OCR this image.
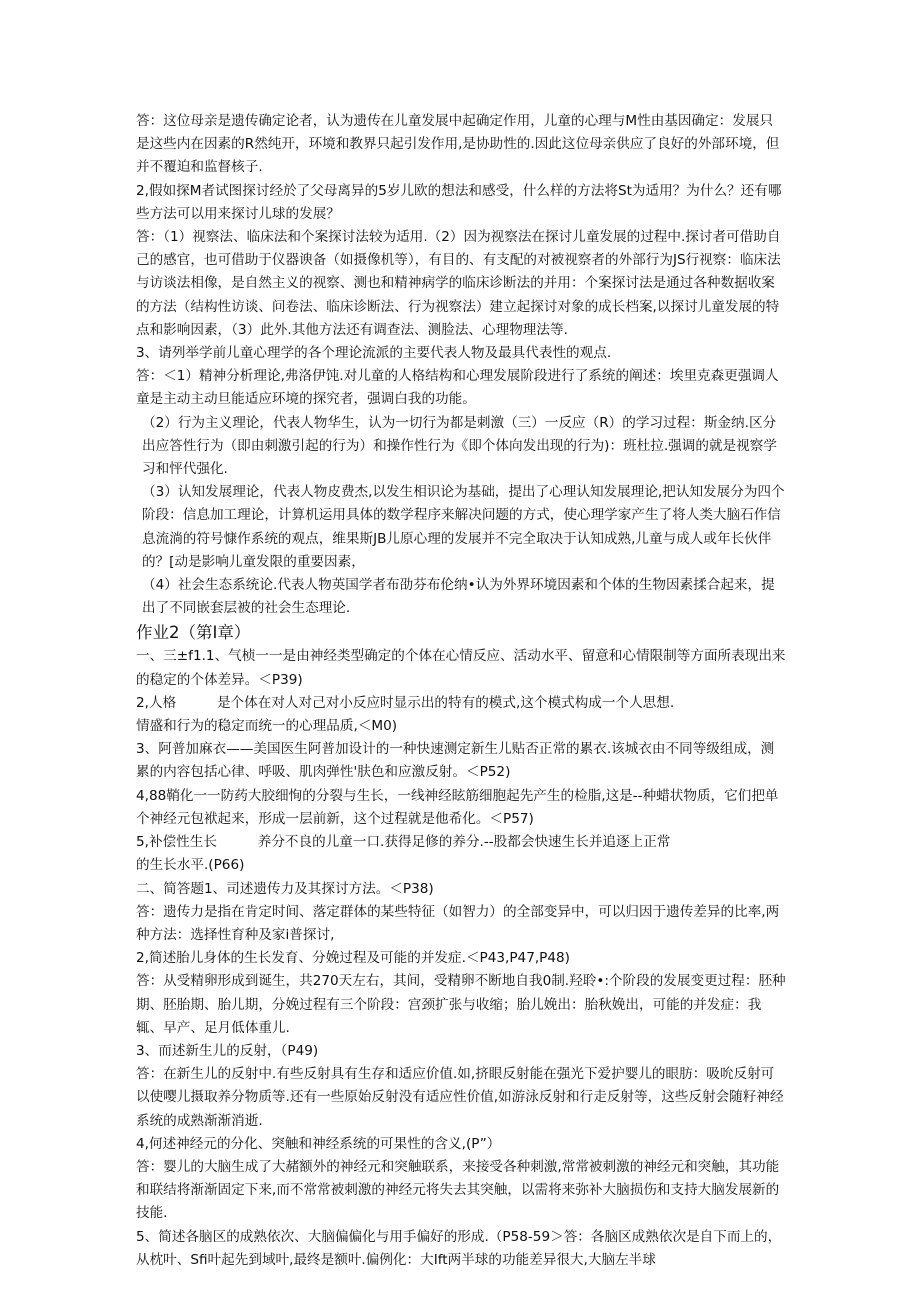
答：这位母亲是遗传确定论者，认为遗传在儿童发展中起确定作用，儿童的心理与M性由基因确定：发展只是这些内在因素的R然纯开，环境和教界只起引发作用,是协助性的.因此这位母亲供应了良好的外部环境，但并不覆迫和监督核子.

2,假如探M者试图探讨经於了父母离异的5岁儿欧的想法和感受，什么样的方法将St为适用？为什么？还有哪些方法可以用来探讨儿球的发展？

答：（1）视察法、临床法和个案探讨法较为适用.（2）因为视察法在探讨儿童发展的过程中.探讨者可借助自己的感官，也可借助于仪器谀备（如摄像机等），有目的、有支配的对被视察者的外部行为JS行视察：临床法与访谈法相像，是自然主义的视察、测也和精神病学的临床诊断法的并用：个案探讨法是通过各种数据收案的方法（结构性访谈、问卷法、临床诊断法、行为视察法）建立起探讨对象的成长档案,以探讨儿童发展的特点和影响因素，（3）此外.其他方法还有调查法、测脸法、心理物理法等.

3、请列举学前儿童心理学的各个理论流派的主要代表人物及最具代表性的观点.

答：＜1）精神分析理论,弗洛伊饨.对儿童的人格结构和心理发展阶段进行了系统的阐述：埃里克森更强调人童是主动主动旦能适应环境的探究者，强调白我的功能。

（2）行为主义理论，代表人物华生，认为一切行为都是刺激（三）一反应（R）的学习过程：斯金纳.区分出应答性行为（即由刺激引起的行为）和操作性行为《即个体向发出现的行为)：班杜拉.强调的就是视察学习和怦代强化.

（3）认知发展理论，代表人物皮费杰,以发生相识论为基础，提出了心理认知发展理论,把认知发展分为四个阶段：信息加工理论，计算机运用具体的数学程序来解决问题的方式，使心理学家产生了将人类大脑石作信息流淌的符号慷作系统的观点，维果斯JB儿原心理的发展并不完全取决于认知成熟,儿童与成人或年长伙伴的？[动是影响儿童发限的重要因素，

（4）社会生态系统论.代表人物英国学者布劭芬布伦纳•认为外界环境因素和个体的生物因素揉合起来，提出了不同嵌套层被的社会生态理论.

作业2（第I章）

一、三±f1.1、气桢一一是由神经类型确定的个体在心情反应、活动水平、留意和心情限制等方面所表现出来的稳定的个体差异。＜P39)

2,人格　　　是个体在对人对己对小反应时显示出的特有的模式,这个模式构成一个人思想.

情盛和行为的稳定而统一的心理品质,＜M0)

3、阿普加麻衣——美国医生阿普加设计的一种快速测定新生儿贴否正常的累衣.该城衣由不同等级组成，测累的内容包括心律、呼吸、肌肉弹性'肤色和应激反射。＜P52)

4,88鞘化一一防药大胶细恂的分裂与生长，一线神经眩筋细胞起先产生的检脂,这是--种蜡状物质，它们把单个神经元包袱起来，形成一层前新，这个过程就是他希化。＜P57)

5,补偿性生长　　　养分不良的儿童一口.获得足修的养分.--股都会快速生长并追逐上正常

的生长水平.(P66)

二、简答题1、司述遗传力及其探讨方法。＜P38)

答：遗传力是指在肯定时间、落定群体的某些特征（如智力）的全部变异中，可以归因于遗传差异的比率,两种方法：选择性育种及家i普探讨,

2,简述胎儿身体的生长发育、分娩过程及可能的并发症.＜P43,P47,P48)

答：从受精卵形成到诞生，共270天左右，其间，受精卵不断地自我0制.羟聆•:个阶段的发展变更过程：胚种期、胚胎期、胎儿期，分娩过程有三个阶段：宫颈扩张与收缩；胎儿娩出：胎秋娩出，可能的并发症：我辄、早产、足月低体重儿.

3、而述新生儿的反射，（P49)

答：在新生儿的反射中.有些反射具有生存和适应价值.如,挤眼反射能在强光下爱护婴儿的眼肪：吸吮反射可以使嘤儿摄取养分物质等.还有一些原始反射没有适应性价值,如游泳反射和行走反射等，这些反射会随籽神经系统的成熟渐渐消逝.

4,何述神经元的分化、突触和神经系统的可果性的含义,(P”）

答：婴儿的大脑生成了大赭额外的神经元和突触联系，来接受各种刺激,常常被刺激的神经元和突触，其功能和联结将渐渐固定下来,而不常常被刺激的神经元将失去其突触，以需将来弥补大脑损伤和支持大脑发展新的技能.

5、简述各脑区的成熟依次、大脑偏偏化与用手偏好的形成.（P58-59＞答：各脑区成熟依次是自下而上的，从枕叶、Sfi叶起先到域叶,最终是额叶.偏例化：大Ift两半球的功能差异很大,大脑左半球
